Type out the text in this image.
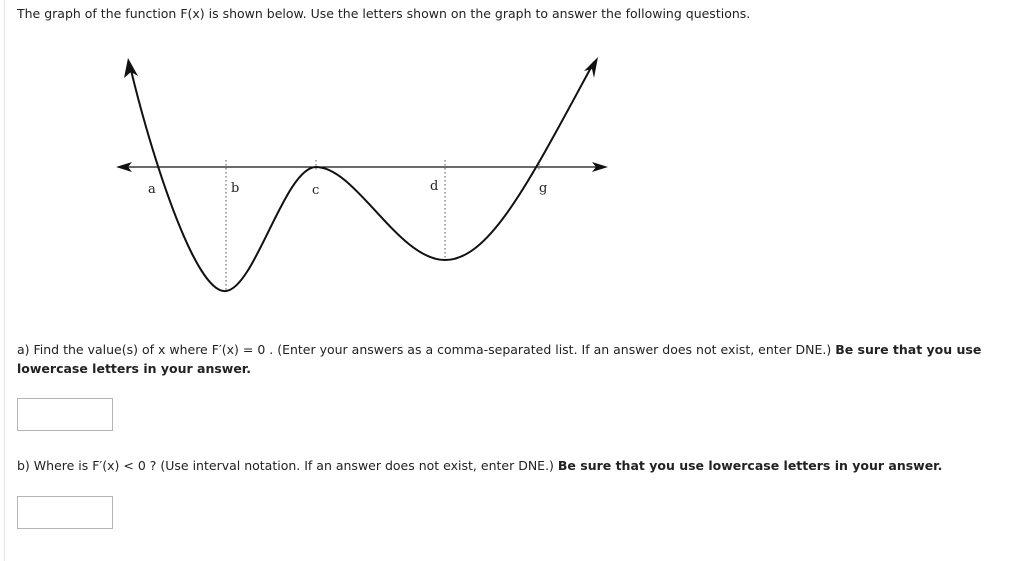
The graph of the function F(x) is shown below. Use the letters shown on the graph to answer the following questions.
a	b	c	d	g
a) Find the value(s) of x where F′(x) = 0 . (Enter your answers as a comma-separated list. If an answer does not exist, enter DNE.) Be sure that you use lowercase letters in your answer.
b) Where is F′(x) < 0 ? (Use interval notation. If an answer does not exist, enter DNE.) Be sure that you use lowercase letters in your answer.
